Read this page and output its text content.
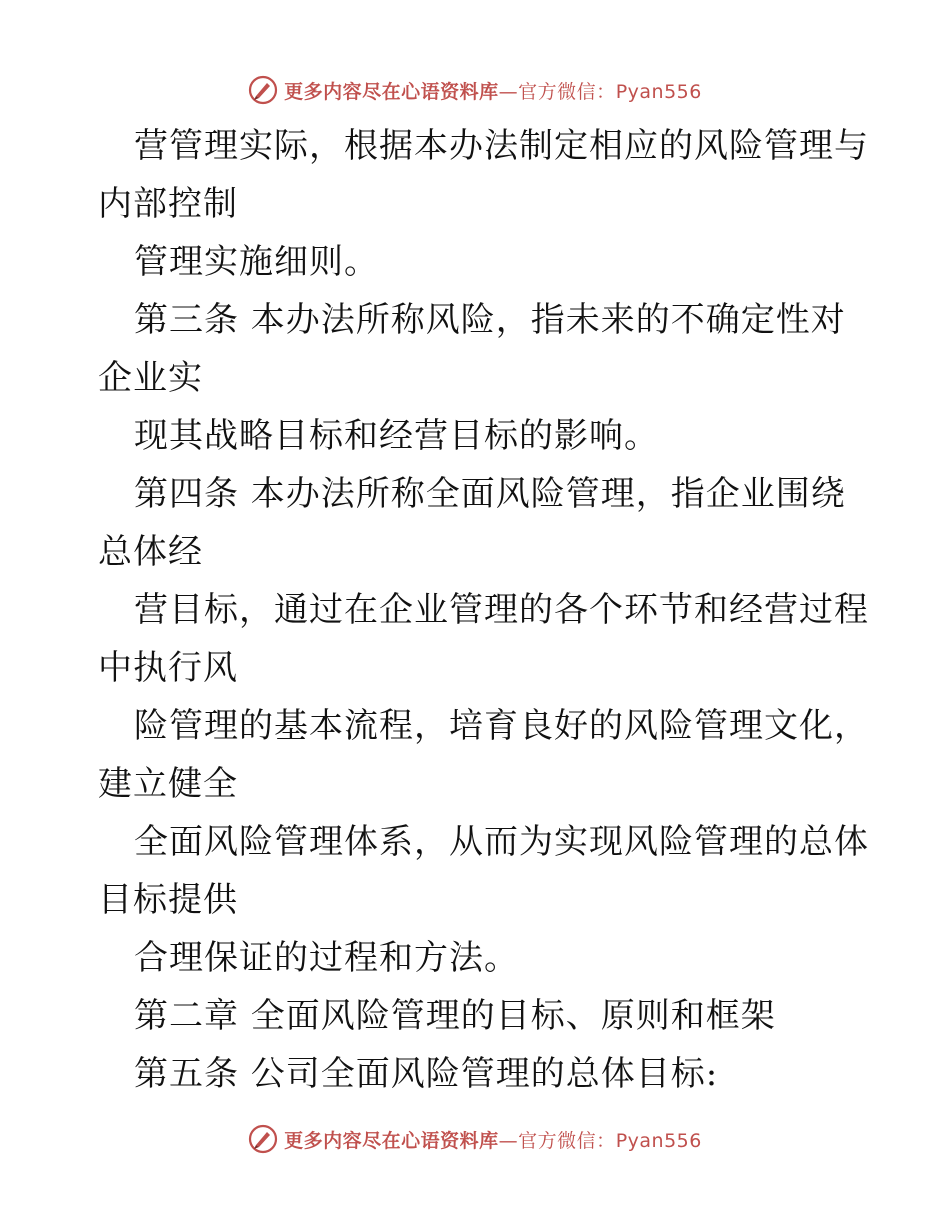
更多内容尽在心语资料库—官方微信：Pyan556
营管理实际，根据本办法制定相应的风险管理与
内部控制
管理实施细则。
第三条 本办法所称风险，指未来的不确定性对
企业实
现其战略目标和经营目标的影响。
第四条 本办法所称全面风险管理，指企业围绕
总体经
营目标，通过在企业管理的各个环节和经营过程
中执行风
险管理的基本流程，培育良好的风险管理文化，
建立健全
全面风险管理体系，从而为实现风险管理的总体
目标提供
合理保证的过程和方法。
第二章 全面风险管理的目标、原则和框架
第五条 公司全面风险管理的总体目标:
更多内容尽在心语资料库—官方微信：Pyan556
